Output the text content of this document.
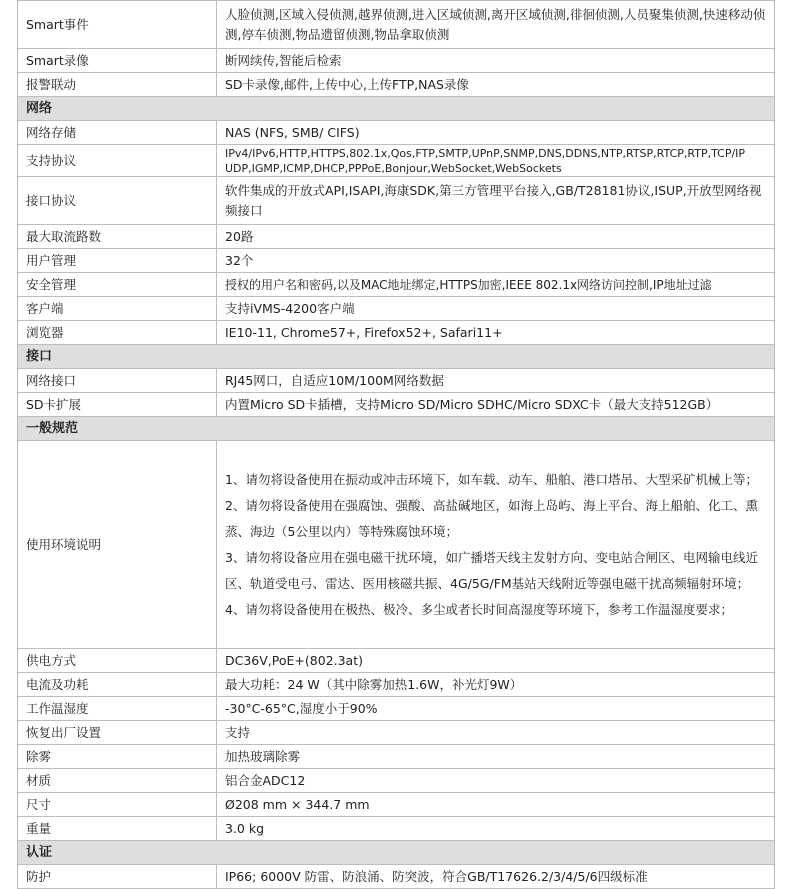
Smart事件	人脸侦测,区域入侵侦测,越界侦测,进入区域侦测,离开区域侦测,徘徊侦测,人员聚集侦测,快速移动侦测,停车侦测,物品遗留侦测,物品拿取侦测
Smart录像	断网续传,智能后检索
报警联动	SD卡录像,邮件,上传中心,上传FTP,NAS录像
网络	
网络存储	NAS (NFS, SMB/ CIFS)
支持协议	IPv4/IPv6,HTTP,HTTPS,802.1x,Qos,FTP,SMTP,UPnP,SNMP,DNS,DDNS,NTP,RTSP,RTCP,RTP,TCP/IP
UDP,IGMP,ICMP,DHCP,PPPoE,Bonjour,WebSocket,WebSockets
接口协议	软件集成的开放式API,ISAPI,海康SDK,第三方管理平台接入,GB/T28181协议,ISUP,开放型网络视频接口
最大取流路数	20路
用户管理	32个
安全管理	授权的用户名和密码,以及MAC地址绑定,HTTPS加密,IEEE 802.1x网络访问控制,IP地址过滤
客户端	支持iVMS-4200客户端
浏览器	IE10-11, Chrome57+, Firefox52+, Safari11+
接口	
网络接口	RJ45网口，自适应10M/100M网络数据
SD卡扩展	内置Micro SD卡插槽，支持Micro SD/Micro SDHC/Micro SDXC卡（最大支持512GB）
一般规范	
使用环境说明	1、请勿将设备使用在振动或冲击环境下，如车载、动车、船舶、港口塔吊、大型采矿机械上等；
2、请勿将设备使用在强腐蚀、强酸、高盐碱地区，如海上岛屿、海上平台、海上船舶、化工、熏蒸、海边（5公里以内）等特殊腐蚀环境；
3、请勿将设备应用在强电磁干扰环境，如广播塔天线主发射方向、变电站合闸区、电网输电线近区、轨道受电弓、雷达、医用核磁共振、4G/5G/FM基站天线附近等强电磁干扰高频辐射环境；
4、请勿将设备使用在极热、极冷、多尘或者长时间高湿度等环境下，参考工作温湿度要求；
供电方式	DC36V,PoE+(802.3at)
电流及功耗	最大功耗：24 W（其中除雾加热1.6W，补光灯9W）
工作温湿度	-30°C-65°C,湿度小于90%
恢复出厂设置	支持
除雾	加热玻璃除雾
材质	铝合金ADC12
尺寸	Ø208 mm × 344.7 mm
重量	3.0 kg
认证	
防护	IP66; 6000V 防雷、防浪涌、防突波，符合GB/T17626.2/3/4/5/6四级标准
